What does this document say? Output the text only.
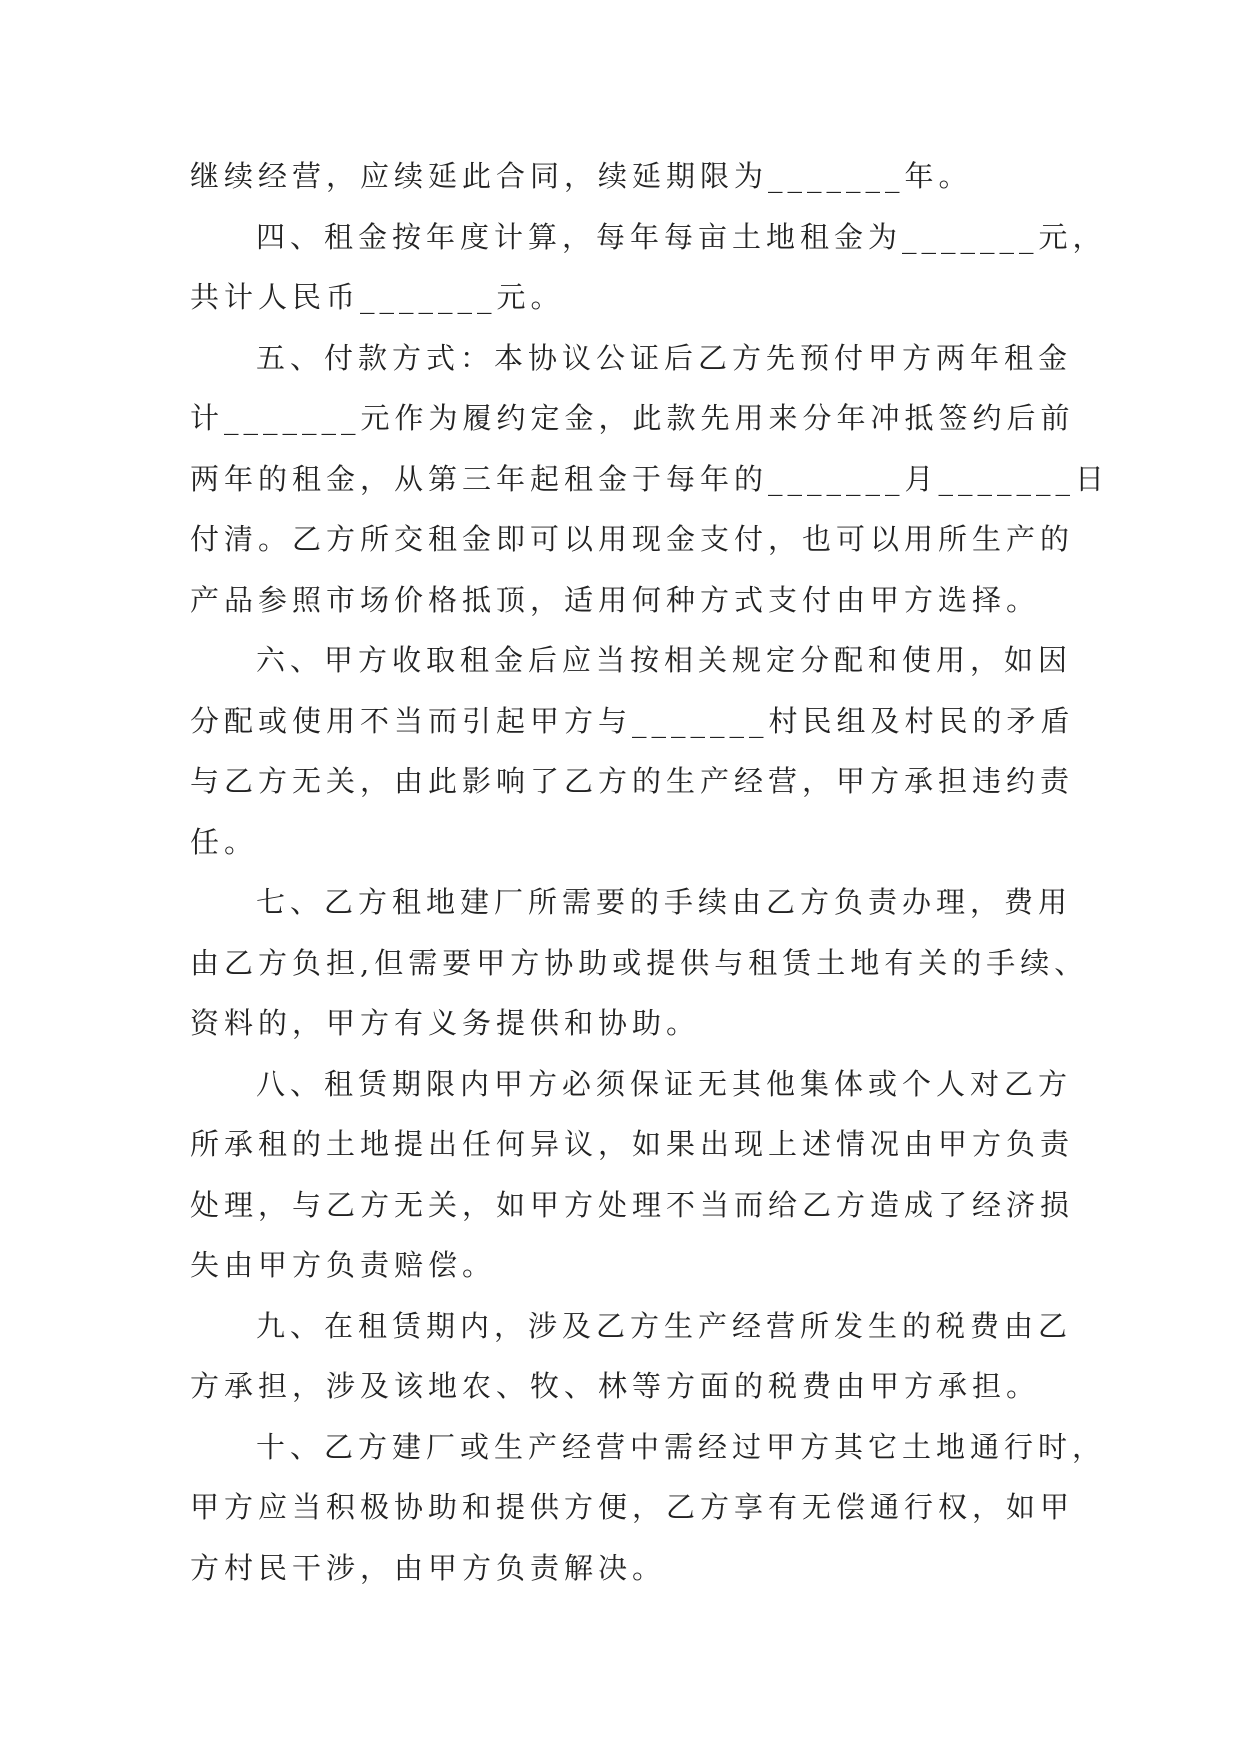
继续经营，应续延此合同，续延期限为_______年。
四、租金按年度计算，每年每亩土地租金为_______元，
共计人民币_______元。
五、付款方式：本协议公证后乙方先预付甲方两年租金
计_______元作为履约定金，此款先用来分年冲抵签约后前
两年的租金，从第三年起租金于每年的_______月_______日
付清。乙方所交租金即可以用现金支付，也可以用所生产的
产品参照市场价格抵顶，适用何种方式支付由甲方选择。
六、甲方收取租金后应当按相关规定分配和使用，如因
分配或使用不当而引起甲方与_______村民组及村民的矛盾
与乙方无关，由此影响了乙方的生产经营，甲方承担违约责
任。
七、乙方租地建厂所需要的手续由乙方负责办理，费用
由乙方负担,但需要甲方协助或提供与租赁土地有关的手续、
资料的，甲方有义务提供和协助。
八、租赁期限内甲方必须保证无其他集体或个人对乙方
所承租的土地提出任何异议，如果出现上述情况由甲方负责
处理，与乙方无关，如甲方处理不当而给乙方造成了经济损
失由甲方负责赔偿。
九、在租赁期内，涉及乙方生产经营所发生的税费由乙
方承担，涉及该地农、牧、林等方面的税费由甲方承担。
十、乙方建厂或生产经营中需经过甲方其它土地通行时，
甲方应当积极协助和提供方便，乙方享有无偿通行权，如甲
方村民干涉，由甲方负责解决。
